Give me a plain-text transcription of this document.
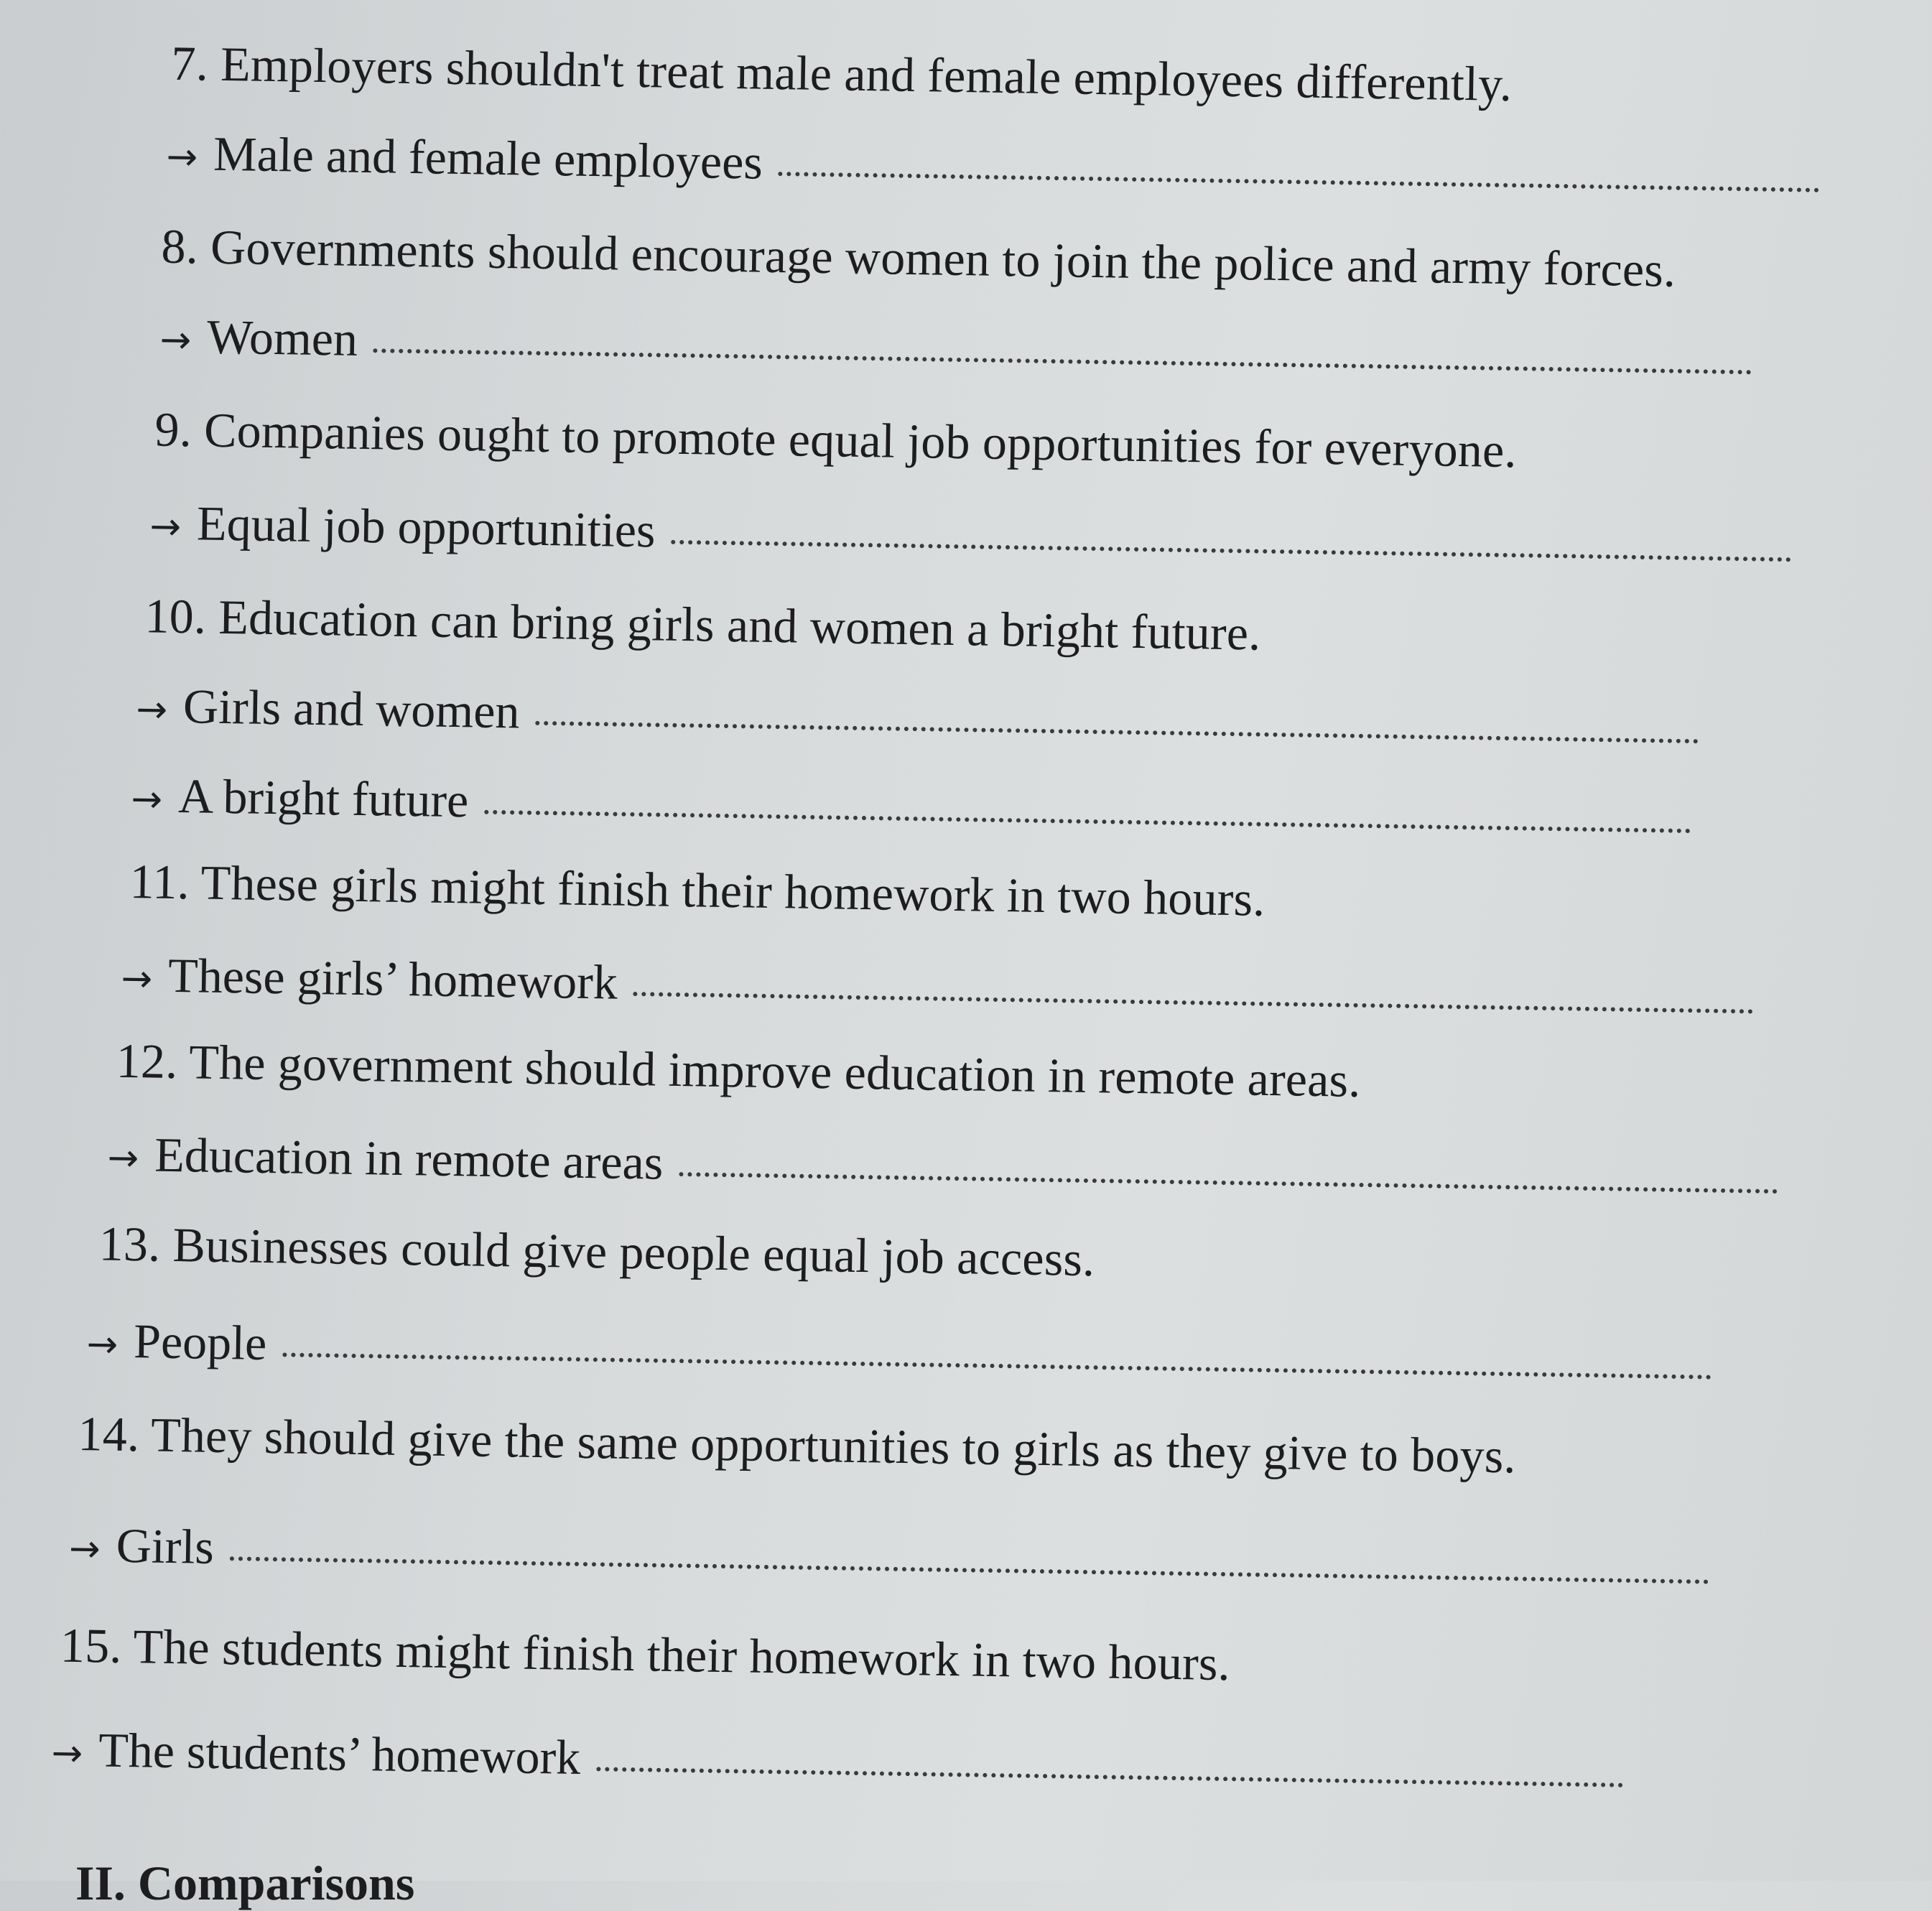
7. Employers shouldn't treat male and female employees differently.
→ Male and female employees
8. Governments should encourage women to join the police and army forces.
→ Women
9. Companies ought to promote equal job opportunities for everyone.
→ Equal job opportunities
10. Education can bring girls and women a bright future.
→ Girls and women
→ A bright future
11. These girls might finish their homework in two hours.
→ These girls’ homework
12. The government should improve education in remote areas.
→ Education in remote areas
13. Businesses could give people equal job access.
→ People
14. They should give the same opportunities to girls as they give to boys.
→ Girls
15. The students might finish their homework in two hours.
→ The students’ homework
II. Comparisons
